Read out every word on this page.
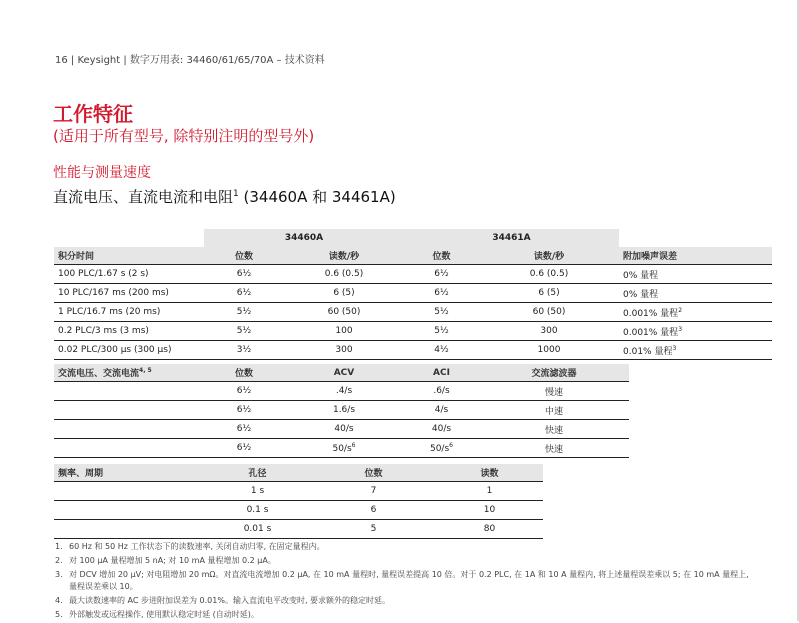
16 | Keysight | 数字万用表: 34460/61/65/70A – 技术资料
工作特征
(适用于所有型号, 除特别注明的型号外)
性能与测量速度
直流电压、直流电流和电阻$^1$ (34460A 和 34461A)
	34460A		34461A		
积分时间	位数	读数/秒	位数	读数/秒	附加噪声误差
100 PLC/1.67 s (2 s)	6½	0.6 (0.5)	6½	0.6 (0.5)	0% 量程
10 PLC/167 ms (200 ms)	6½	6 (5)	6½	6 (5)	0% 量程
1 PLC/16.7 ms (20 ms)	5½	60 (50)	5½	60 (50)	0.001% 量程$^2$
0.2 PLC/3 ms (3 ms)	5½	100	5½	300	0.001% 量程$^3$
0.02 PLC/300 µs (300 µs)	3½	300	4½	1000	0.01% 量程$^3$
交流电压、交流电流$^{4, 5}$	位数	ACV	ACI	交流滤波器
	6½	.4/s	.6/s	慢速
	6½	1.6/s	4/s	中速
	6½	40/s	40/s	快速
	6½	$50/s^6$	$50/s^6$	快速
频率、周期	孔径	位数	读数
	1 s	7	1
	0.1 s	6	10
	0.01 s	5	80
1. 60 Hz 和 50 Hz 工作状态下的读数速率, 关闭自动归零, 在固定量程内。
2. 对 100 µA 量程增加 5 nA; 对 10 mA 量程增加 0.2 µA。
3. 对 DCV 增加 20 µV; 对电阻增加 20 mΩ。对直流电流增加 0.2 µA, 在 10 mA 量程时, 量程误差提高 10 倍。对于 0.2 PLC, 在 1A 和 10 A 量程内, 将上述量程误差乘以 5; 在 10 mA 量程上, 量程误差乘以 10。
4. 最大读数速率的 AC 步进附加误差为 0.01%。输入直流电平改变时, 要求额外的稳定时延。
5. 外部触发或远程操作, 使用默认稳定时延 (自动时延)。
